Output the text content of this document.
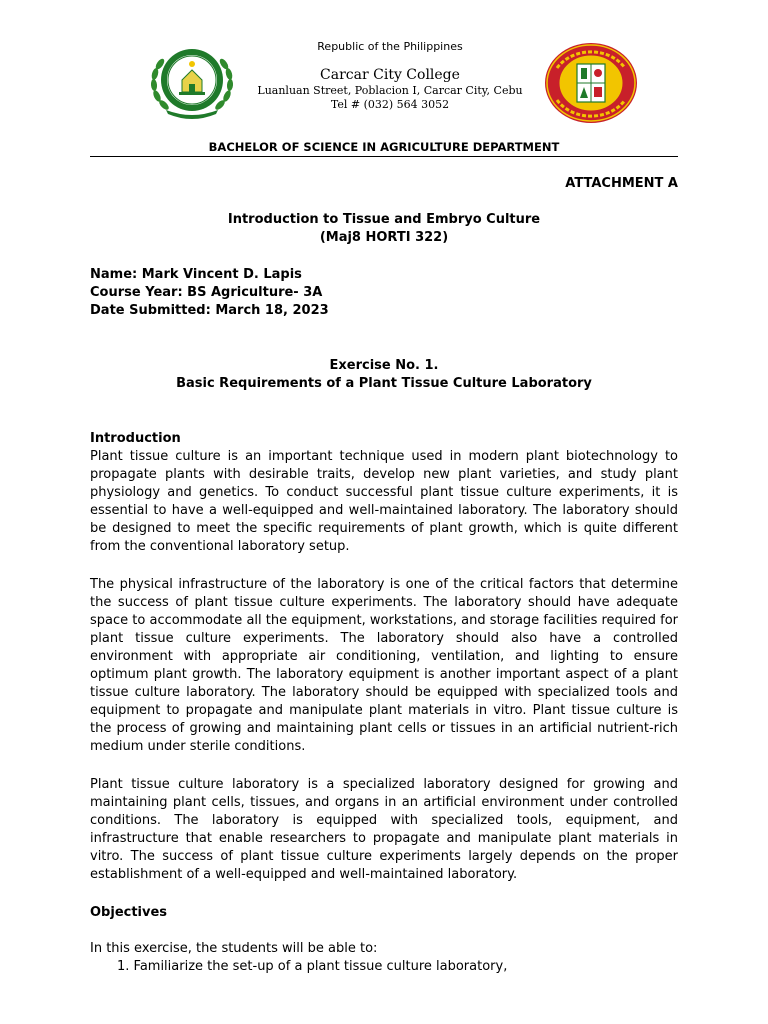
Republic of the Philippines
Carcar City College
Luanluan Street, Poblacion I, Carcar City, Cebu
Tel # (032) 564 3052
BACHELOR OF SCIENCE IN AGRICULTURE DEPARTMENT
ATTACHMENT A
Introduction to Tissue and Embryo Culture
(Maj8 HORTI 322)
Name: Mark Vincent D. Lapis
Course Year: BS Agriculture- 3A
Date Submitted: March 18, 2023
Exercise No. 1.
Basic Requirements of a Plant Tissue Culture Laboratory
Introduction

Plant tissue culture is an important technique used in modern plant biotechnology to propagate plants with desirable traits, develop new plant varieties, and study plant physiology and genetics. To conduct successful plant tissue culture experiments, it is essential to have a well-equipped and well-maintained laboratory. The laboratory should be designed to meet the specific requirements of plant growth, which is quite different from the conventional laboratory setup.

The physical infrastructure of the laboratory is one of the critical factors that determine the success of plant tissue culture experiments. The laboratory should have adequate space to accommodate all the equipment, workstations, and storage facilities required for plant tissue culture experiments. The laboratory should also have a controlled environment with appropriate air conditioning, ventilation, and lighting to ensure optimum plant growth. The laboratory equipment is another important aspect of a plant tissue culture laboratory. The laboratory should be equipped with specialized tools and equipment to propagate and manipulate plant materials in vitro. Plant tissue culture is the process of growing and maintaining plant cells or tissues in an artificial nutrient-rich medium under sterile conditions.

Plant tissue culture laboratory is a specialized laboratory designed for growing and maintaining plant cells, tissues, and organs in an artificial environment under controlled conditions. The laboratory is equipped with specialized tools, equipment, and infrastructure that enable researchers to propagate and manipulate plant materials in vitro. The success of plant tissue culture experiments largely depends on the proper establishment of a well-equipped and well-maintained laboratory.

Objectives
In this exercise, the students will be able to:
1. Familiarize the set-up of a plant tissue culture laboratory,
